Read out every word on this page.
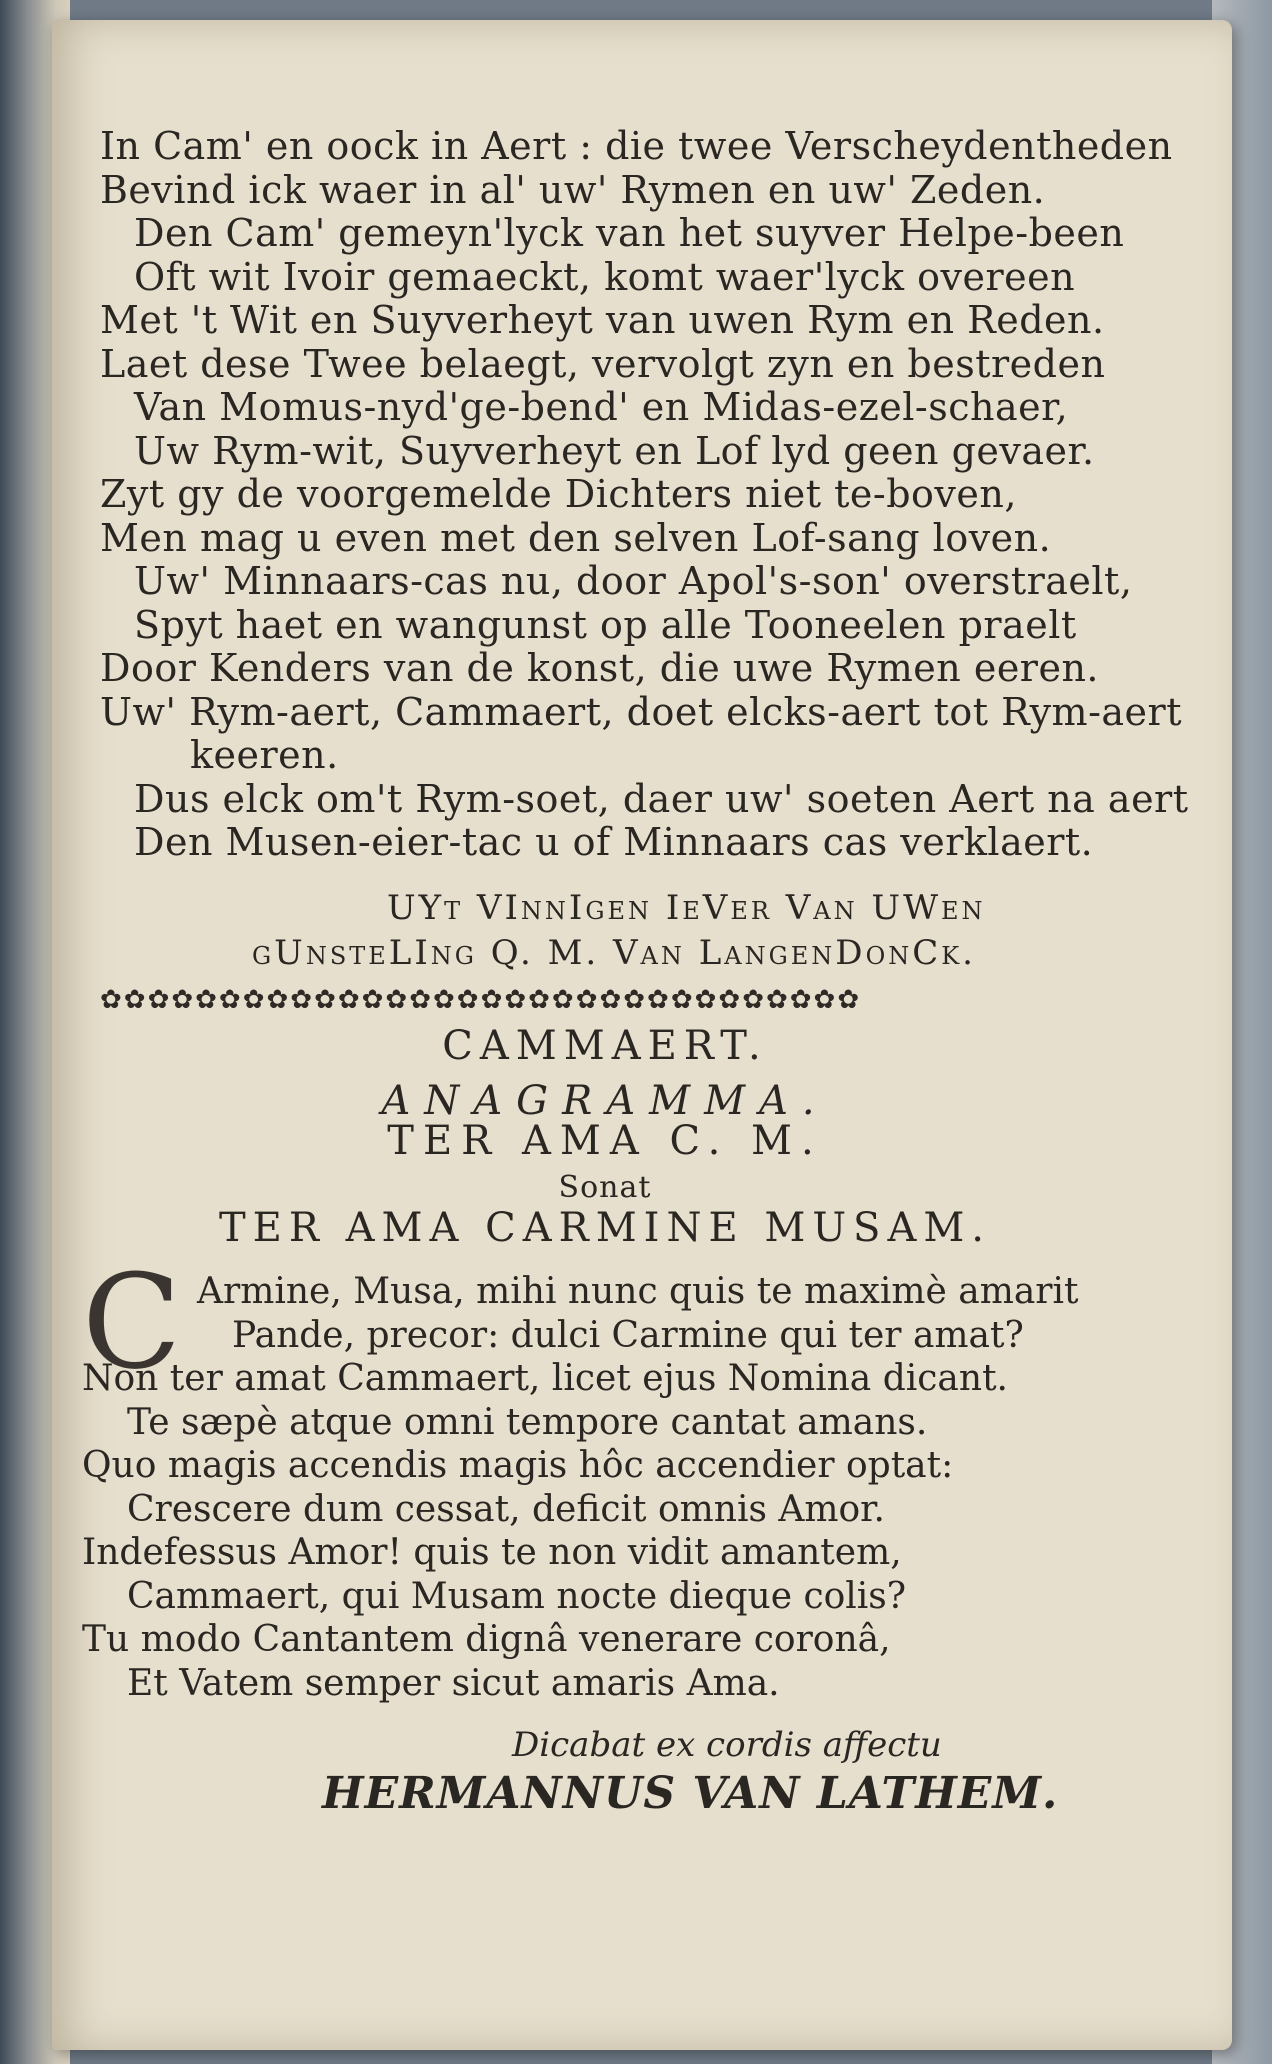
In Cam' en oock in Aert : die twee Verscheydentheden
Bevind ick waer in al' uw' Rymen en uw' Zeden.
Den Cam' gemeyn'lyck van het suyver Helpe-been
Oft wit Ivoir gemaeckt, komt waer'lyck overeen
Met 't Wit en Suyverheyt van uwen Rym en Reden.
Laet dese Twee belaegt, vervolgt zyn en bestreden
Van Momus-nyd'ge-bend' en Midas-ezel-schaer,
Uw Rym-wit, Suyverheyt en Lof lyd geen gevaer.
Zyt gy de voorgemelde Dichters niet te-boven,
Men mag u even met den selven Lof-sang loven.
Uw' Minnaars-cas nu, door Apol's-son' overstraelt,
Spyt haet en wangunst op alle Tooneelen praelt
Door Kenders van de konst, die uwe Rymen eeren.
Uw' Rym-aert, Cammaert, doet elcks-aert tot Rym-aert
keeren.
Dus elck om't Rym-soet, daer uw' soeten Aert na aert
Den Musen-eier-tac u of Minnaars cas verklaert.
UYt VInnIgen IeVer Van UWen
gUnsteLIng Q. M. Van LangenDonCk.
✿✿✿✿✿✿✿✿✿✿✿✿✿✿✿✿✿✿✿✿✿✿✿✿✿✿✿✿✿✿✿✿
CAMMAERT.
ANAGRAMMA.
TER AMA C. M.
Sonat
TER AMA CARMINE MUSAM.
C Armine, Musa, mihi nunc quis te maximè amarit
Pande, precor: dulci Carmine qui ter amat?
Non ter amat Cammaert, licet ejus Nomina dicant.
Te sæpè atque omni tempore cantat amans.
Quo magis accendis magis hôc accendier optat:
Crescere dum cessat, deficit omnis Amor.
Indefessus Amor! quis te non vidit amantem,
Cammaert, qui Musam nocte dieque colis?
Tu modo Cantantem dignâ venerare coronâ,
Et Vatem semper sicut amaris Ama.
Dicabat ex cordis affectu
HERMANNUS VAN LATHEM.
